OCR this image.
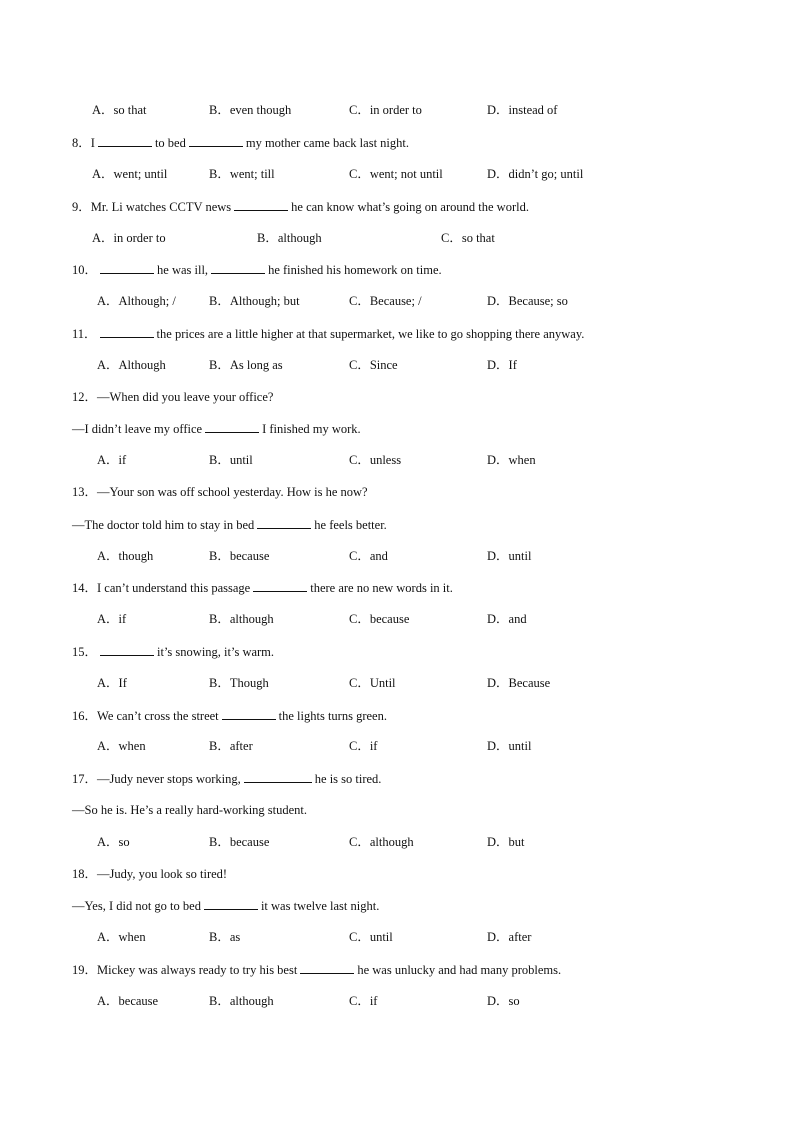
A．so that	B．even though	C．in order to	D．instead of
8．I	to bed	my mother came back last night.
A．went; until	B．went; till	C．went; not until	D．didn’t go; until
9．Mr. Li watches CCTV news	he can know what’s going on around the world.
A．in order to	B．although	C．so that
10．	he was ill,	he finished his homework on time.
A．Although; /	B．Although; but	C．Because; /	D．Because; so
11．	the prices are a little higher at that supermarket, we like to go shopping there anyway.
A．Although	B．As long as	C．Since	D．If
12．—When did you leave your office?
—I didn’t leave my office	I finished my work.
A．if	B．until	C．unless	D．when
13．—Your son was off school yesterday. How is he now?
—The doctor told him to stay in bed	he feels better.
A．though	B．because	C．and	D．until
14．I can’t understand this passage	there are no new words in it.
A．if	B．although	C．because	D．and
15．	it’s snowing, it’s warm.
A．If	B．Though	C．Until	D．Because
16．We can’t cross the street	the lights turns green.
A．when	B．after	C．if	D．until
17．—Judy never stops working,	he is so tired.
—So he is. He’s a really hard-working student.
A．so	B．because	C．although	D．but
18．—Judy, you look so tired!
—Yes, I did not go to bed	it was twelve last night.
A．when	B．as	C．until	D．after
19．Mickey was always ready to try his best	he was unlucky and had many problems.
A．because	B．although	C．if	D．so
